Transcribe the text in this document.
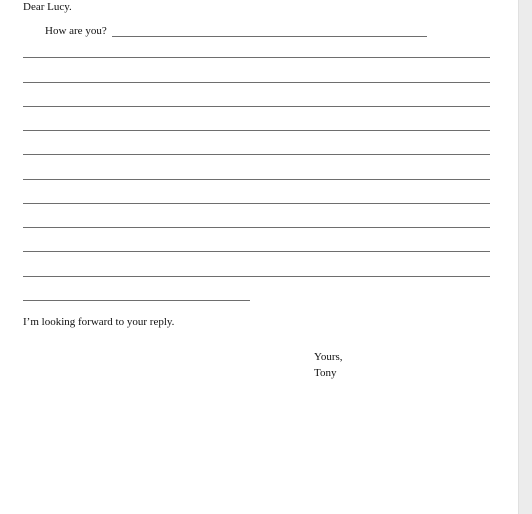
Dear Lucy.
How are you?
I’m looking forward to your reply.
Yours,
Tony
